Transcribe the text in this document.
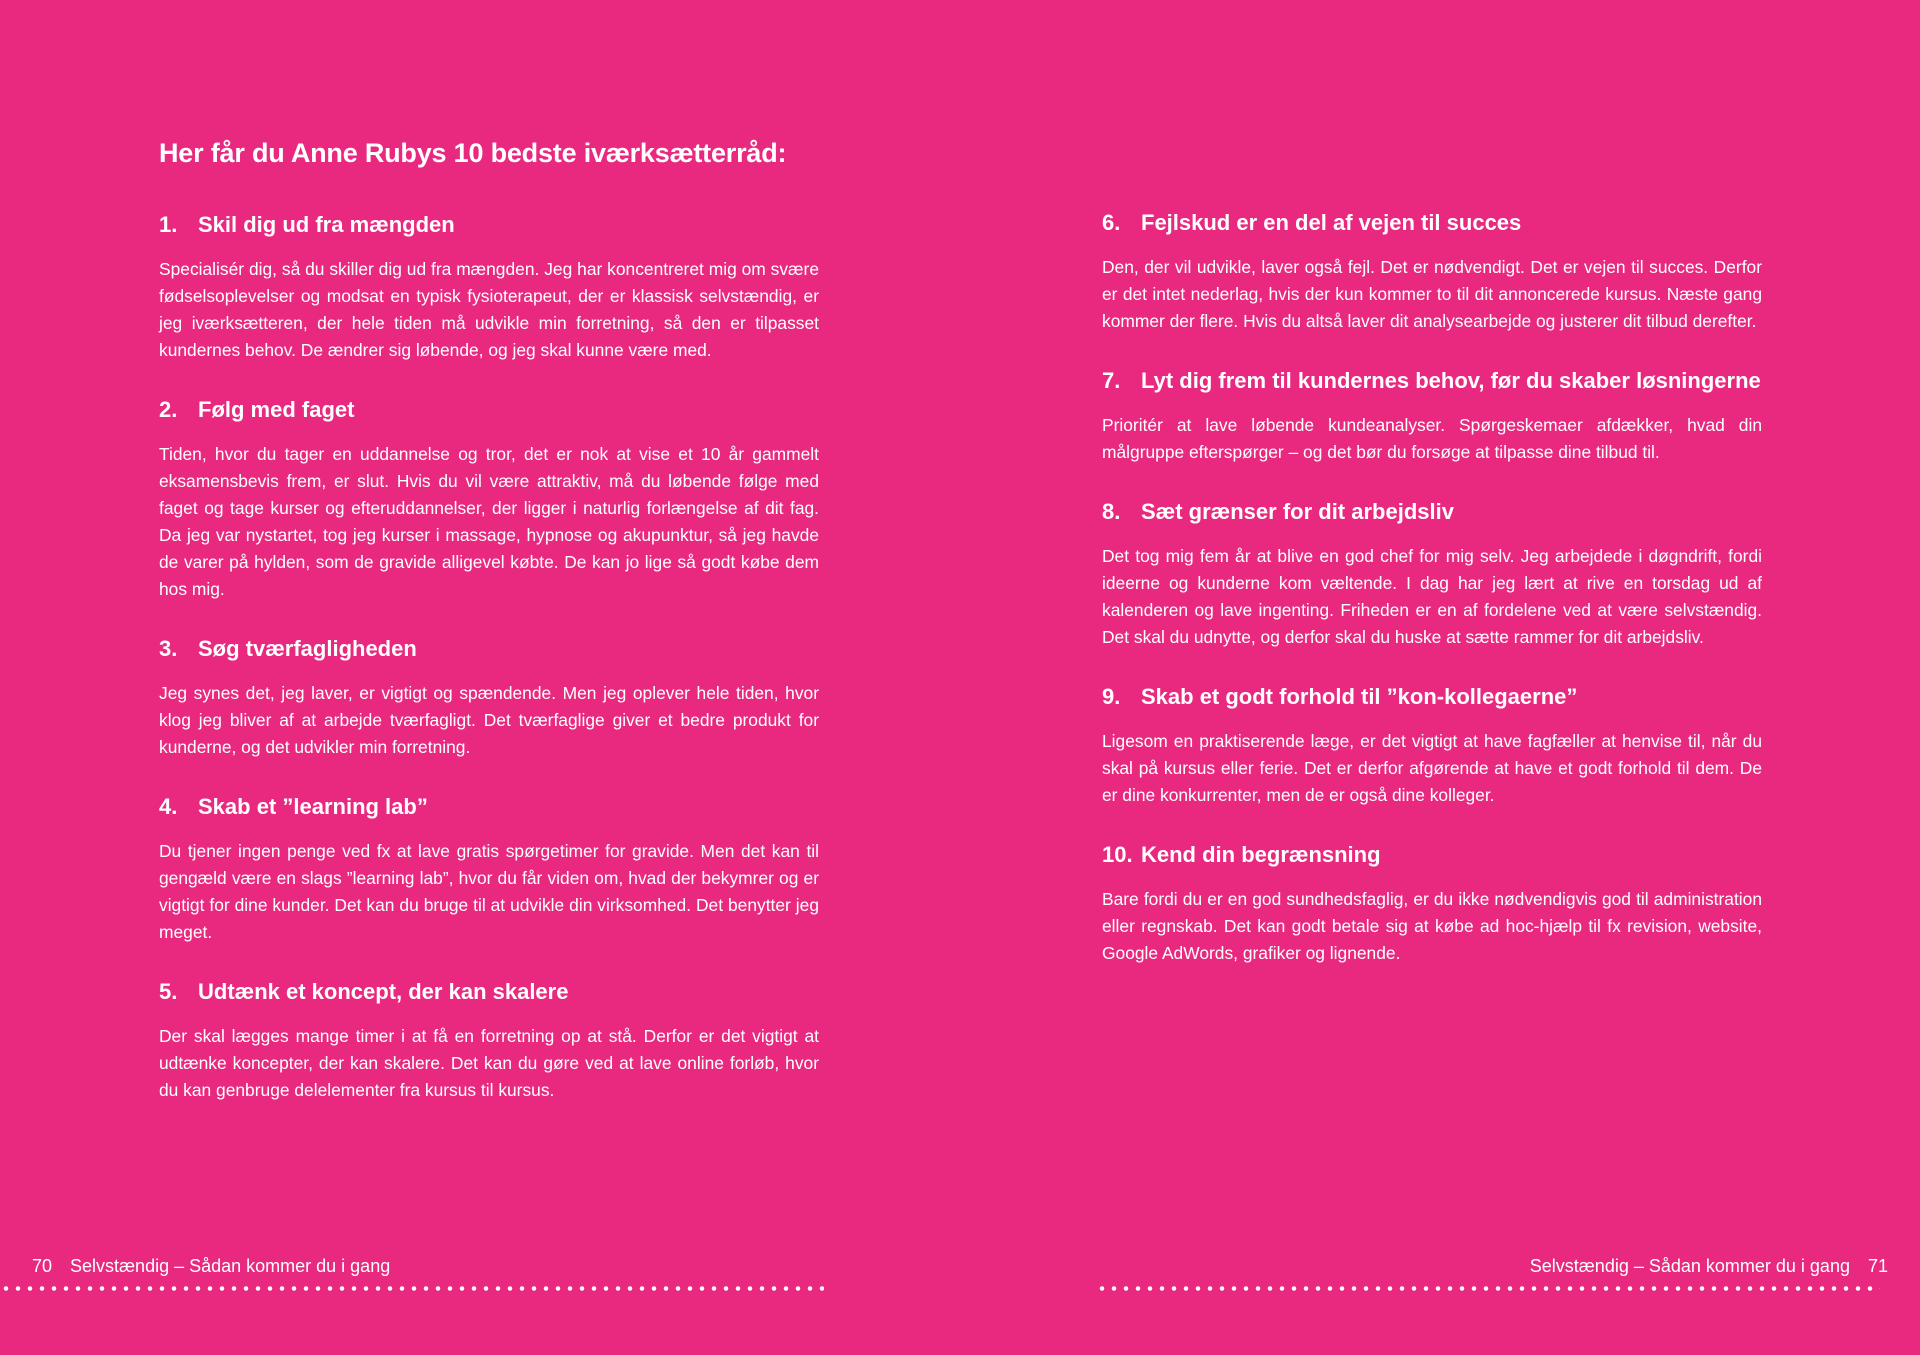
Her får du Anne Rubys 10 bedste iværksætterråd:
1. Skil dig ud fra mængden

Specialisér dig, så du skiller dig ud fra mængden. Jeg har koncentreret mig om svære fødselsoplevelser og modsat en typisk fysioterapeut, der er klassisk selvstændig, er jeg iværksætteren, der hele tiden må udvikle min forretning, så den er tilpasset kundernes behov. De ændrer sig løbende, og jeg skal kunne være med.

2. Følg med faget

Tiden, hvor du tager en uddannelse og tror, det er nok at vise et 10 år gammelt eksamensbevis frem, er slut. Hvis du vil være attraktiv, må du løbende følge med faget og tage kurser og efteruddannelser, der ligger i naturlig forlængelse af dit fag. Da jeg var nystartet, tog jeg kurser i massage, hypnose og akupunktur, så jeg havde de varer på hylden, som de gravide alligevel købte. De kan jo lige så godt købe dem hos mig.

3. Søg tværfagligheden

Jeg synes det, jeg laver, er vigtigt og spændende. Men jeg oplever hele tiden, hvor klog jeg bliver af at arbejde tværfagligt. Det tværfaglige giver et bedre produkt for kunderne, og det udvikler min forretning.

4. Skab et ”learning lab”

Du tjener ingen penge ved fx at lave gratis spørgetimer for gravide. Men det kan til gengæld være en slags ”learning lab”, hvor du får viden om, hvad der bekymrer og er vigtigt for dine kunder. Det kan du bruge til at udvikle din virksomhed. Det benytter jeg meget.

5. Udtænk et koncept, der kan skalere

Der skal lægges mange timer i at få en forretning op at stå. Derfor er det vigtigt at udtænke koncepter, der kan skalere. Det kan du gøre ved at lave online forløb, hvor du kan genbruge delelementer fra kursus til kursus.

70 Selvstændig – Sådan kommer du i gang
6. Fejlskud er en del af vejen til succes

Den, der vil udvikle, laver også fejl. Det er nødvendigt. Det er vejen til succes. Derfor er det intet nederlag, hvis der kun kommer to til dit annoncerede kursus. Næste gang kommer der flere. Hvis du altså laver dit analysearbejde og justerer dit tilbud derefter.

7. Lyt dig frem til kundernes behov, før du skaber løsningerne

Prioritér at lave løbende kundeanalyser. Spørgeskemaer afdækker, hvad din målgruppe efterspørger – og det bør du forsøge at tilpasse dine tilbud til.

8. Sæt grænser for dit arbejdsliv

Det tog mig fem år at blive en god chef for mig selv. Jeg arbejdede i døgndrift, fordi ideerne og kunderne kom væltende. I dag har jeg lært at rive en torsdag ud af kalenderen og lave ingenting. Friheden er en af fordelene ved at være selvstændig. Det skal du udnytte, og derfor skal du huske at sætte rammer for dit arbejdsliv.

9. Skab et godt forhold til ”kon-kollegaerne”

Ligesom en praktiserende læge, er det vigtigt at have fagfæller at henvise til, når du skal på kursus eller ferie. Det er derfor afgørende at have et godt forhold til dem. De er dine konkurrenter, men de er også dine kolleger.

10. Kend din begrænsning

Bare fordi du er en god sundhedsfaglig, er du ikke nødvendigvis god til administration eller regnskab. Det kan godt betale sig at købe ad hoc-hjælp til fx revision, website, Google AdWords, grafiker og lignende.

Selvstændig – Sådan kommer du i gang 71
